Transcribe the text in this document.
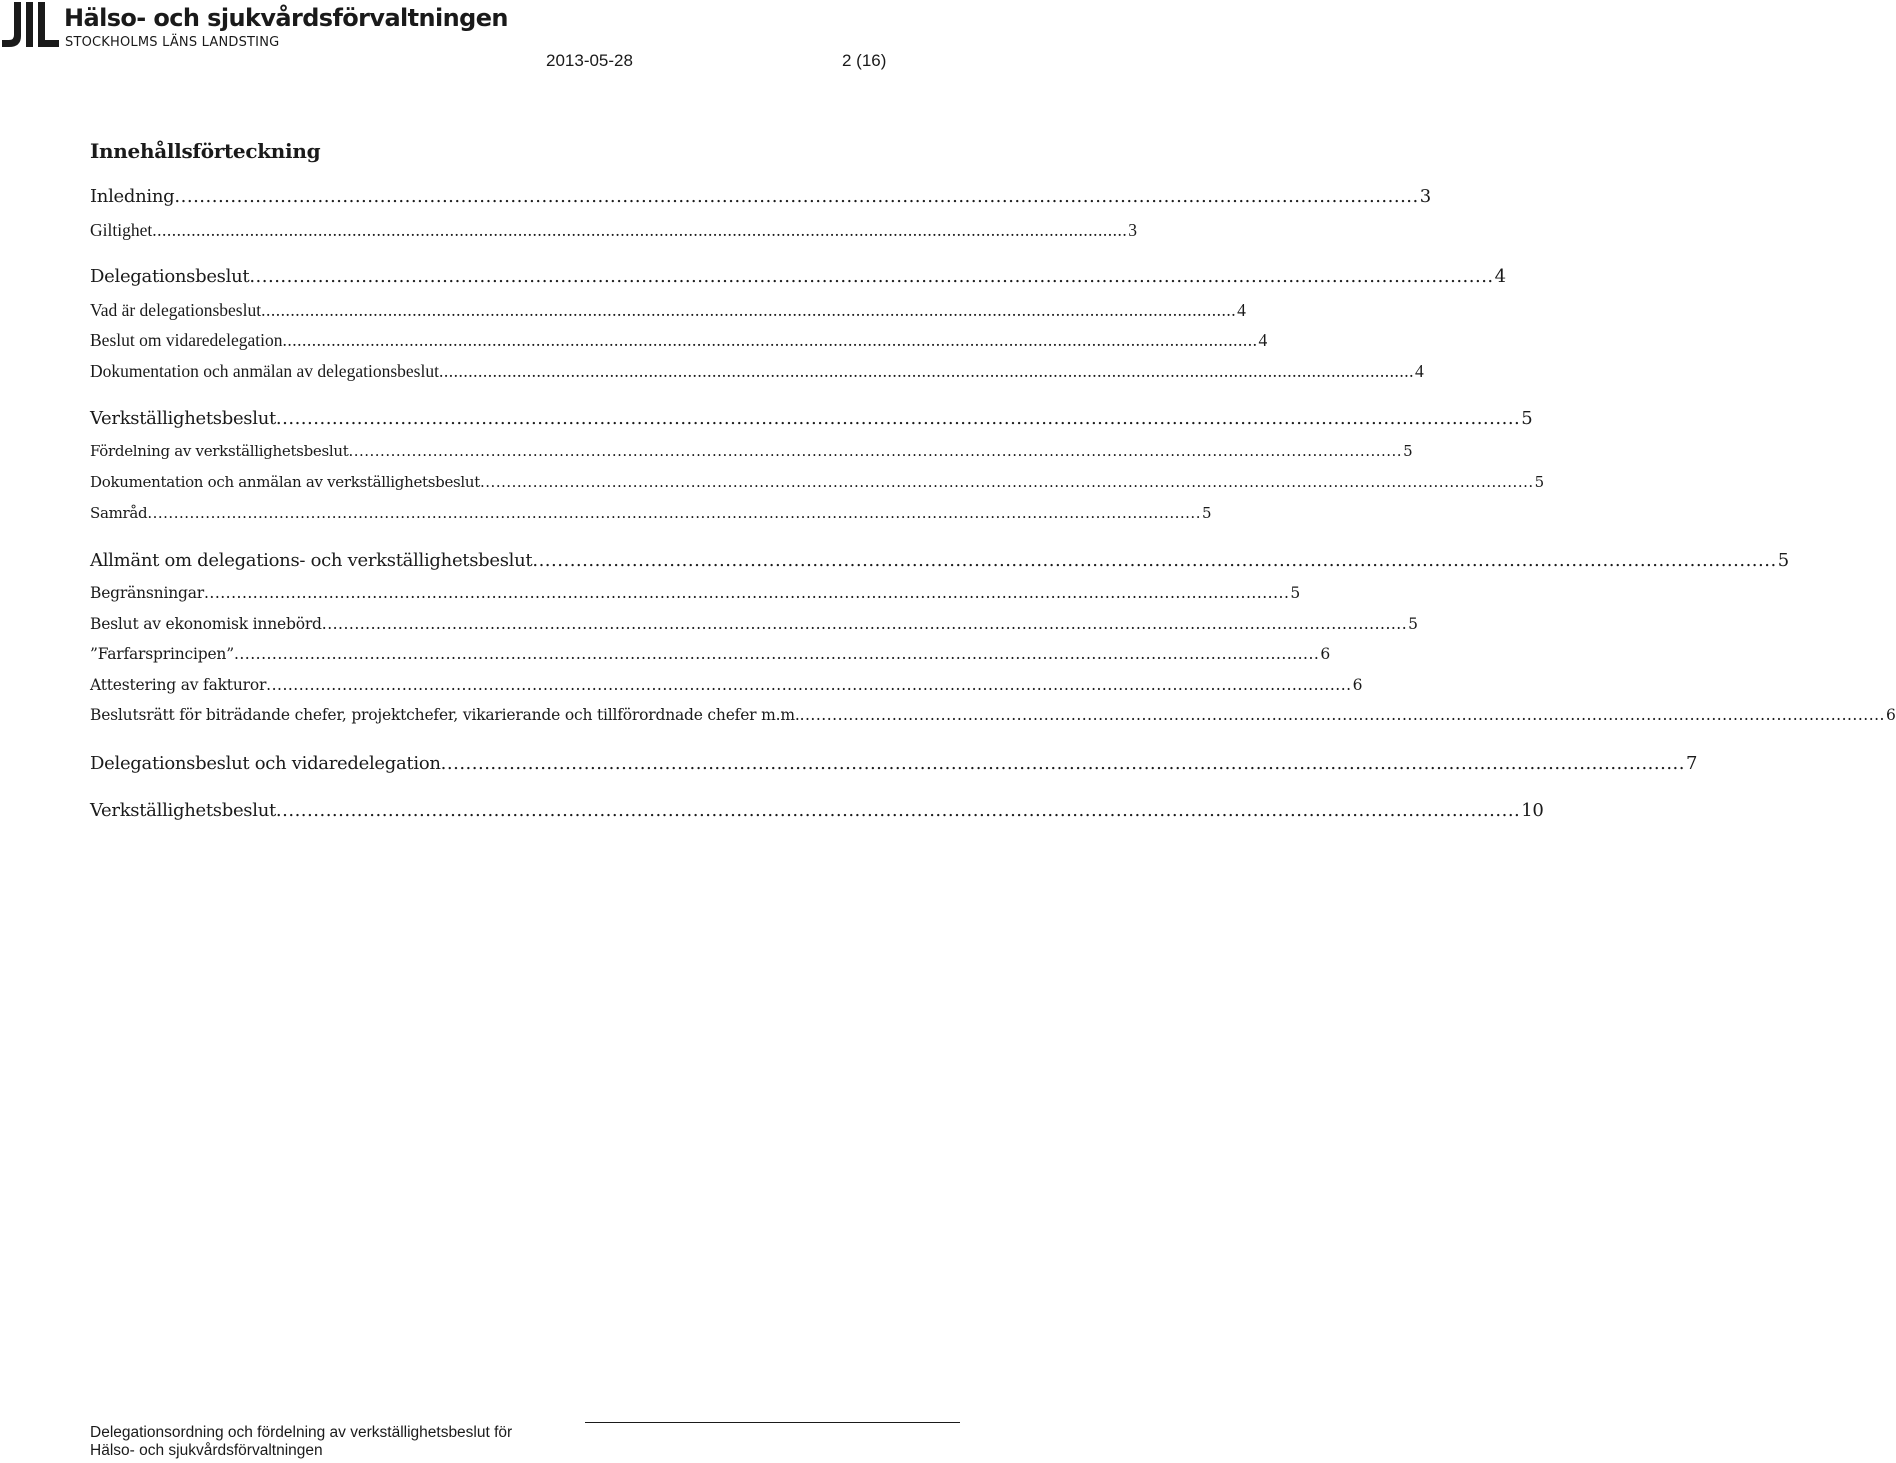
Hälso- och sjukvårdsförvaltningen
STOCKHOLMS LÄNS LANDSTING
2013-05-28	2 (16)
Innehållsförteckning
Inledning ........................................................................................................................................................................................................ 3
Giltighet ........................................................................................................................................................................................................ 3
Delegationsbeslut ........................................................................................................................................................................................................ 4
Vad är delegationsbeslut ........................................................................................................................................................................................................ 4
Beslut om vidaredelegation ........................................................................................................................................................................................................ 4
Dokumentation och anmälan av delegationsbeslut ........................................................................................................................................................................................................ 4
Verkställighetsbeslut ........................................................................................................................................................................................................ 5
Fördelning av verkställighetsbeslut ........................................................................................................................................................................................................ 5
Dokumentation och anmälan av verkställighetsbeslut ........................................................................................................................................................................................................ 5
Samråd ........................................................................................................................................................................................................ 5
Allmänt om delegations- och verkställighetsbeslut ........................................................................................................................................................................................................ 5
Begränsningar ........................................................................................................................................................................................................ 5
Beslut av ekonomisk innebörd ........................................................................................................................................................................................................ 5
”Farfarsprincipen” ........................................................................................................................................................................................................ 6
Attestering av fakturor ........................................................................................................................................................................................................ 6
Beslutsrätt för biträdande chefer, projektchefer, vikarierande och tillförordnade chefer m.m. ........................................................................................................................................................................................................ 6
Delegationsbeslut och vidaredelegation ........................................................................................................................................................................................................ 7
Verkställighetsbeslut ........................................................................................................................................................................................................ 10
Delegationsordning och fördelning av verkställighetsbeslut för
Hälso- och sjukvårdsförvaltningen
